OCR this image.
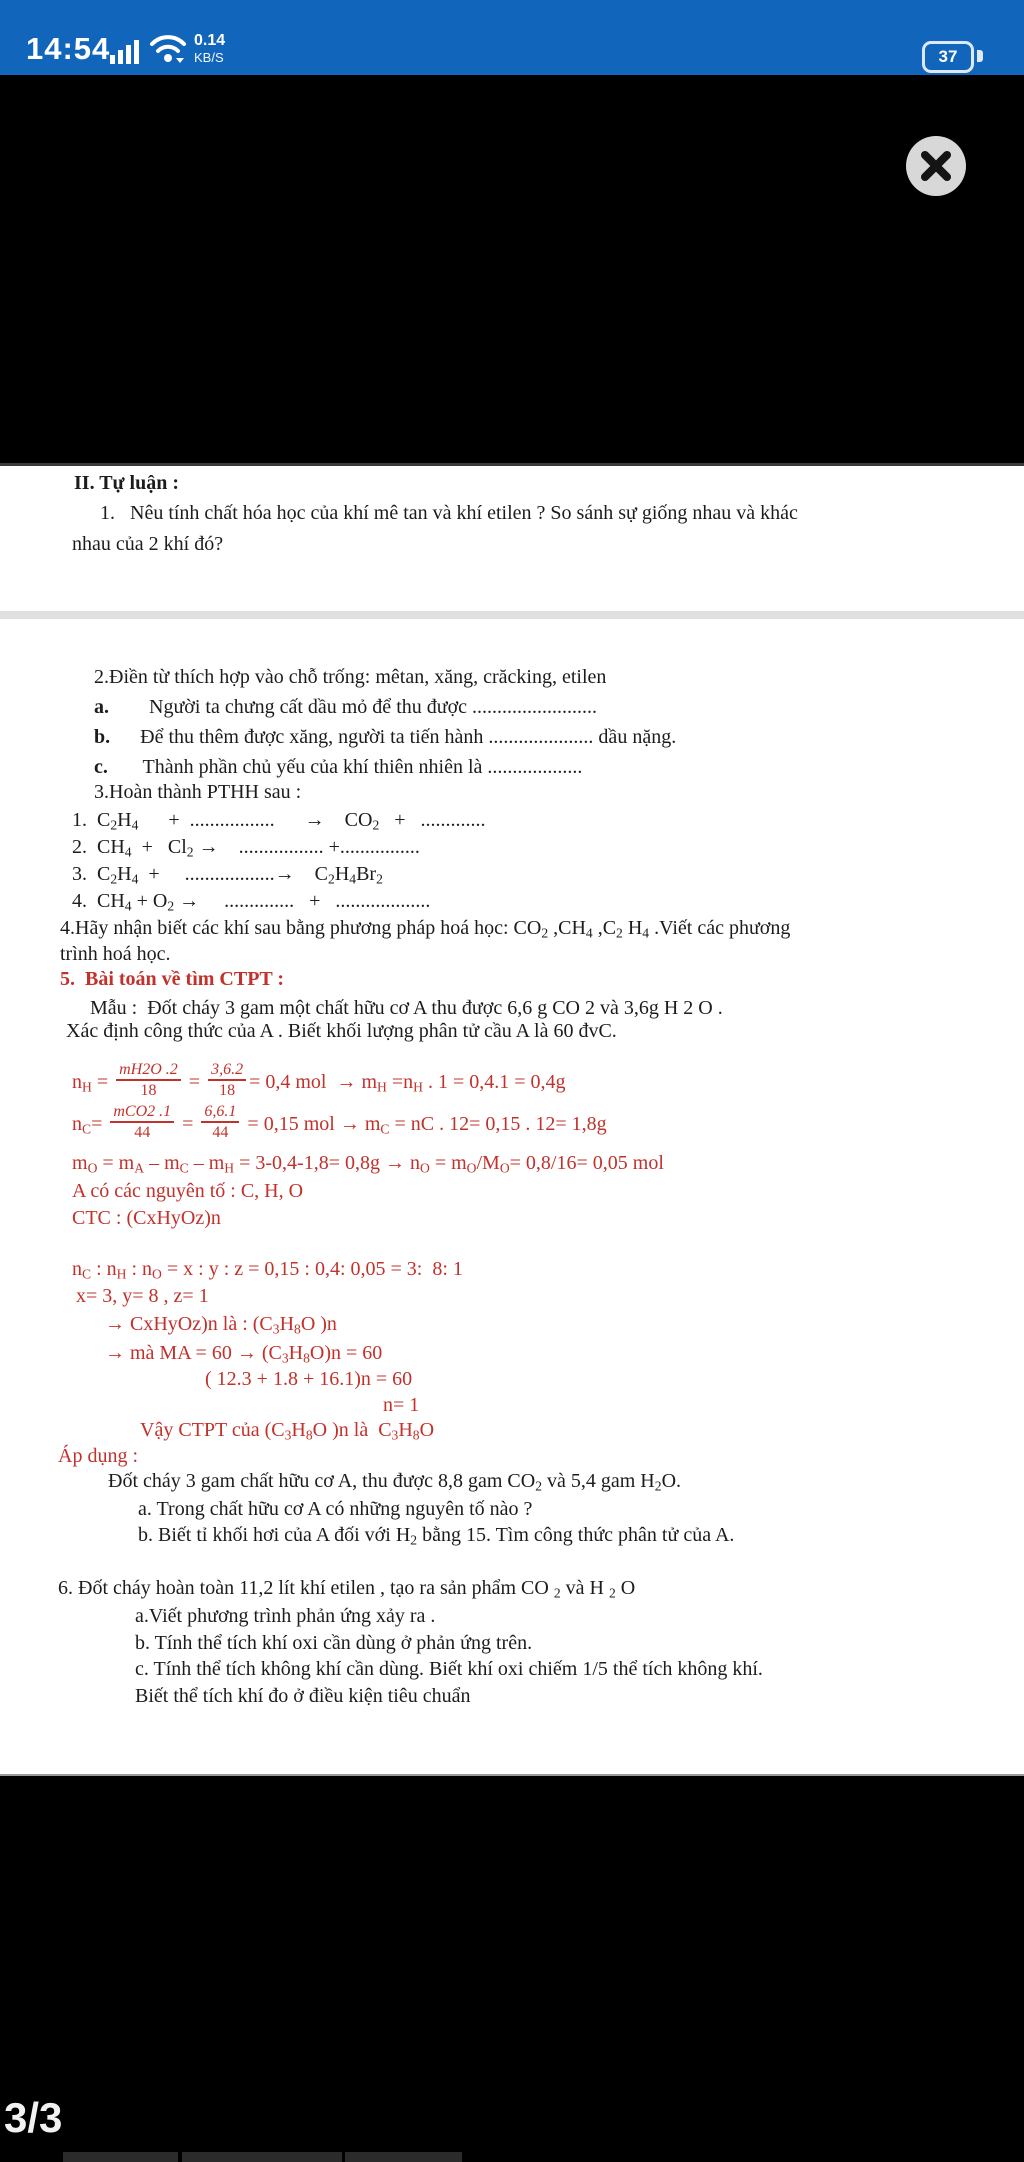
14:54	0.14
KB/S	37
II. Tự luận :
1.   Nêu tính chất hóa học của khí mê tan và khí etilen ? So sánh sự giống nhau và khác
nhau của 2 khí đó?
2.Điền từ thích hợp vào chỗ trống: mêtan, xăng, crăcking, etilen
a.        Người ta chưng cất dầu mỏ để thu được .........................
b.      Để thu thêm được xăng, người ta tiến hành ..................... dầu nặng.
c.       Thành phần chủ yếu của khí thiên nhiên là ...................
3.Hoàn thành PTHH sau :
1.  $C_2H_4$      +  .................      →    $CO_2$   +   .............
2.  $CH_4 + Cl_2$ →    ................. +................
3.  $C_2H_4$  +     ..................→    $C_2H_4Br_2$
4.  $CH_4 + O_2$ →     ..............   +   ...................
4.Hãy nhận biết các khí sau bằng phương pháp hoá học: $CO_2$ $,CH_4$ $,C_2$ $H_4$ .Viết các phương
trình hoá học.
5.  Bài toán về tìm CTPT :
Mẫu :  Đốt cháy 3 gam một chất hữu cơ A thu được 6,6 g CO 2 và 3,6g H 2 O .
Xác định công thức của A . Biết khối lượng phân tử cầu A là 60 đvC.
$n_H = \frac{mH2O .2}{18} = \frac{3,6.2}{18} = 0,4$ mol  → $m_H =n_H$ . 1 = 0,4.1 = 0,4g
$n_C= \frac{\text{mCO2 .1}}{44} = \frac{6,6.1}{44} = 0,15$ mol → $m_C$ = nC . 12= 0,15 . 12= 1,8g
$m_O = m_A - m_C - m_H = 3-0,4-1,8= 0,8g \to n_O = m_O/M_O= 0,8/16= 0,05$ mol
A có các nguyên tố : C, H, O
CTC : (CxHyOz)n
$n_C$ : $n_H$ : $n_O = x$ : y : z = 0,15 : 0,4: 0,05 = 3:  8: 1
x= 3, y= 8 , z= 1
→ CxHyOz)n là : ($C_3H_8O$ )n
→ mà MA = $60 \to (C_3H_8O)n = 60$
( 12.3 + 1.8 + 16.1)n = 60
n= 1
Vậy CTPT của ($C_3H_8O$ )n là  $C_3H_8O$
Áp dụng :
Đốt cháy 3 gam chất hữu cơ A, thu được 8,8 gam $CO_2$ và 5,4 gam $H_2O$.
a. Trong chất hữu cơ A có những nguyên tố nào ?
b. Biết tỉ khối hơi của A đối với $H_2$ bằng 15. Tìm công thức phân tử của A.
6. Đốt cháy hoàn toàn 11,2 lít khí etilen , tạo ra sản phẩm CO $_2$ và H $_2$ O
a.Viết phương trình phản ứng xảy ra .
b. Tính thể tích khí oxi cần dùng ở phản ứng trên.
c. Tính thể tích không khí cần dùng. Biết khí oxi chiếm 1/5 thể tích không khí.
Biết thể tích khí đo ở điều kiện tiêu chuẩn
3/3
